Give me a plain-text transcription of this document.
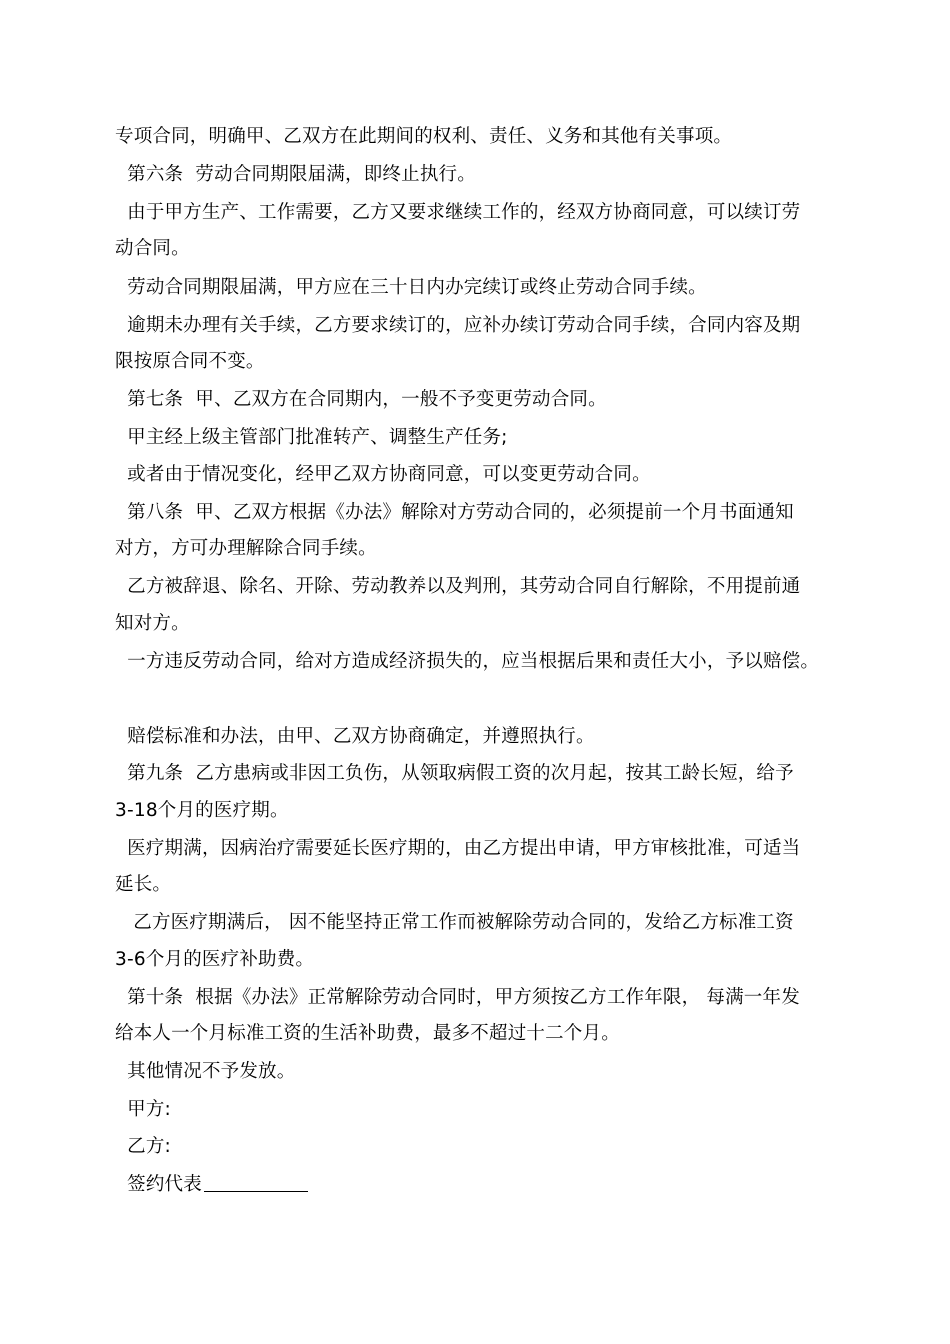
专项合同，明确甲、乙双方在此期间的权利、责任、义务和其他有关事项。
第六条  劳动合同期限届满，即终止执行。
由于甲方生产、工作需要，乙方又要求继续工作的，经双方协商同意，可以续订劳
动合同。
劳动合同期限届满，甲方应在三十日内办完续订或终止劳动合同手续。
逾期未办理有关手续，乙方要求续订的，应补办续订劳动合同手续，合同内容及期
限按原合同不变。
第七条  甲、乙双方在合同期内，一般不予变更劳动合同。
甲主经上级主管部门批准转产、调整生产任务;
或者由于情况变化，经甲乙双方协商同意，可以变更劳动合同。
第八条  甲、乙双方根据《办法》解除对方劳动合同的，必须提前一个月书面通知
对方，方可办理解除合同手续。
乙方被辞退、除名、开除、劳动教养以及判刑，其劳动合同自行解除，不用提前通
知对方。
一方违反劳动合同，给对方造成经济损失的，应当根据后果和责任大小，予以赔偿。
赔偿标准和办法，由甲、乙双方协商确定，并遵照执行。
第九条  乙方患病或非因工负伤，从领取病假工资的次月起，按其工龄长短，给予
3-18个月的医疗期。
医疗期满，因病治疗需要延长医疗期的，由乙方提出申请，甲方审核批准，可适当
延长。
乙方医疗期满后， 因不能坚持正常工作而被解除劳动合同的，发给乙方标准工资
3-6个月的医疗补助费。
第十条  根据《办法》正常解除劳动合同时，甲方须按乙方工作年限， 每满一年发
给本人一个月标准工资的生活补助费，最多不超过十二个月。
其他情况不予发放。
甲方:
乙方:
签约代表
